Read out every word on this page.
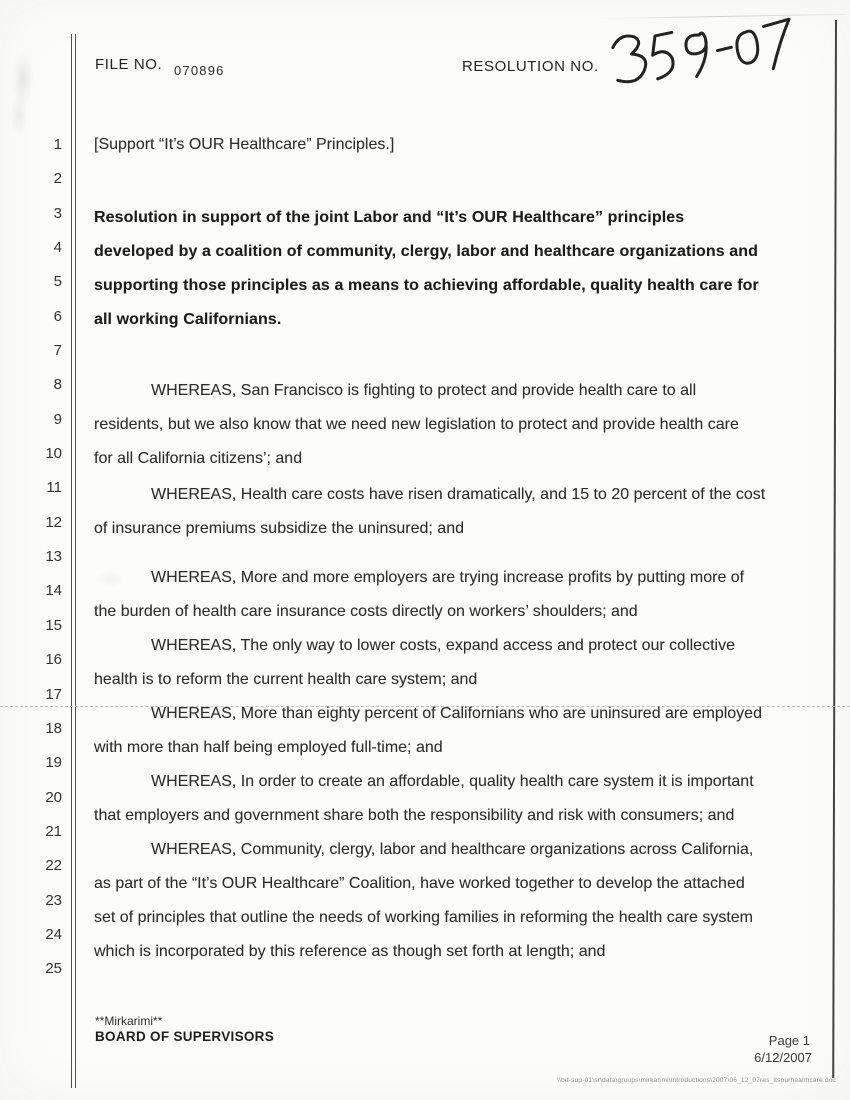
FILE NO. 070896	RESOLUTION NO.
1
2
3
4
5
6
7
8
9
10
11
12
13
14
15
16
17
18
19
20
21
22
23
24
25
[Support “It’s OUR Healthcare” Principles.]
Resolution in support of the joint Labor and “It’s OUR Healthcare” principles
developed by a coalition of community, clergy, labor and healthcare organizations and
supporting those principles as a means to achieving affordable, quality health care for
all working Californians.
WHEREAS, San Francisco is fighting to protect and provide health care to all
residents, but we also know that we need new legislation to protect and provide health care
for all California citizens’; and
WHEREAS, Health care costs have risen dramatically, and 15 to 20 percent of the cost
of insurance premiums subsidize the uninsured; and
WHEREAS, More and more employers are trying increase profits by putting more of
the burden of health care insurance costs directly on workers’ shoulders; and
WHEREAS, The only way to lower costs, expand access and protect our collective
health is to reform the current health care system; and
WHEREAS, More than eighty percent of Californians who are uninsured are employed
with more than half being employed full-time; and
WHEREAS, In order to create an affordable, quality health care system it is important
that employers and government share both the responsibility and risk with consumers; and
WHEREAS, Community, clergy, labor and healthcare organizations across California,
as part of the “It’s OUR Healthcare” Coalition, have worked together to develop the attached
set of principles that outline the needs of working families in reforming the health care system
which is incorporated by this reference as though set forth at length; and
**Mirkarimi**
BOARD OF SUPERVISORS	Page 1
6/12/2007
\\bd-sup-01\sr\data\groups\mirkarimi\introductions\2007\06_12_07res_itsourhealthcare.doc
